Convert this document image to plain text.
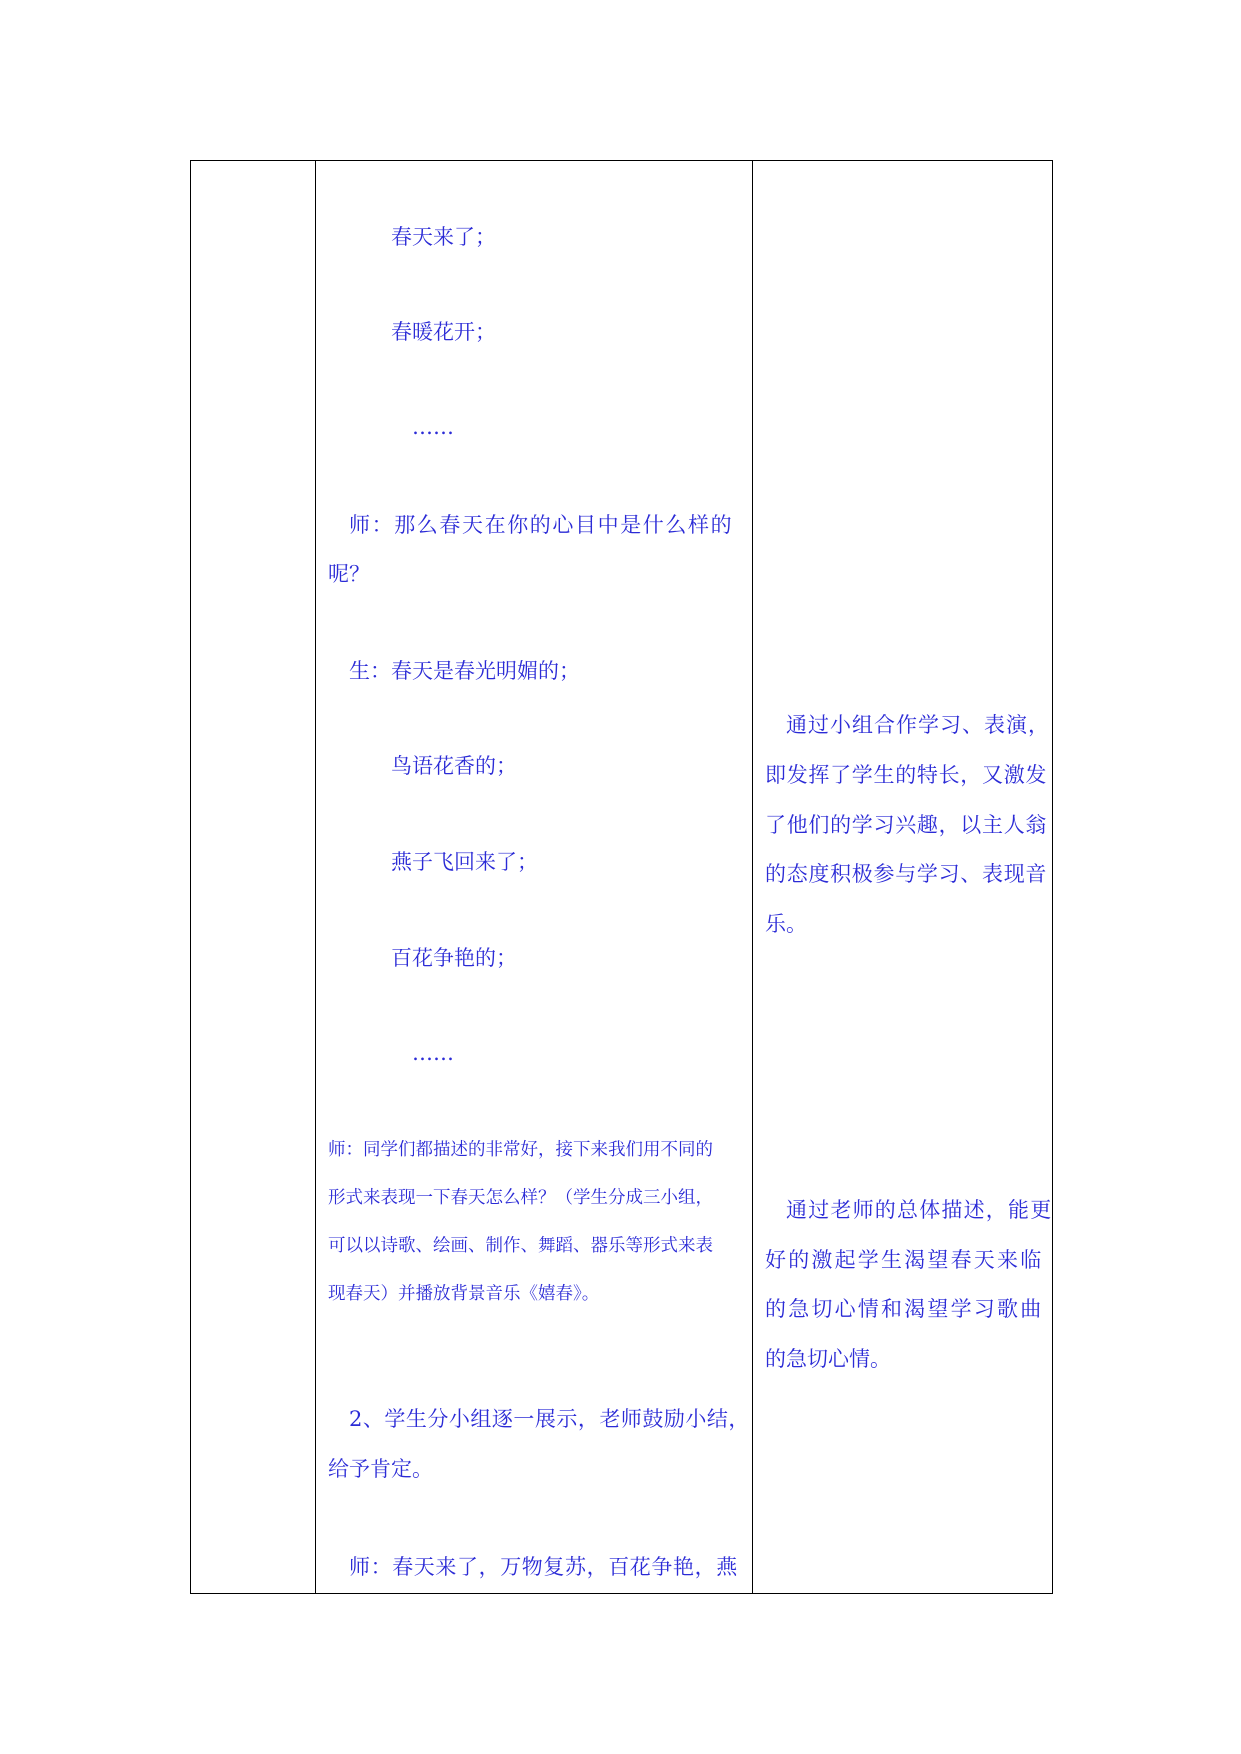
春天来了；
春暖花开；
……
师：那么春天在你的心目中是什么样的
呢？
生：春天是春光明媚的；
鸟语花香的；
燕子飞回来了；
百花争艳的；
……
师：同学们都描述的非常好，接下来我们用不同的
形式来表现一下春天怎么样？（学生分成三小组，
可以以诗歌、绘画、制作、舞蹈、器乐等形式来表
现春天）并播放背景音乐《嬉春》。
2、学生分小组逐一展示，老师鼓励小结，
给予肯定。
师：春天来了，万物复苏，百花争艳，燕
通过小组合作学习、表演，
即发挥了学生的特长，又激发
了他们的学习兴趣，以主人翁
的态度积极参与学习、表现音
乐。
通过老师的总体描述，能更
好的激起学生渴望春天来临
的急切心情和渴望学习歌曲
的急切心情。
